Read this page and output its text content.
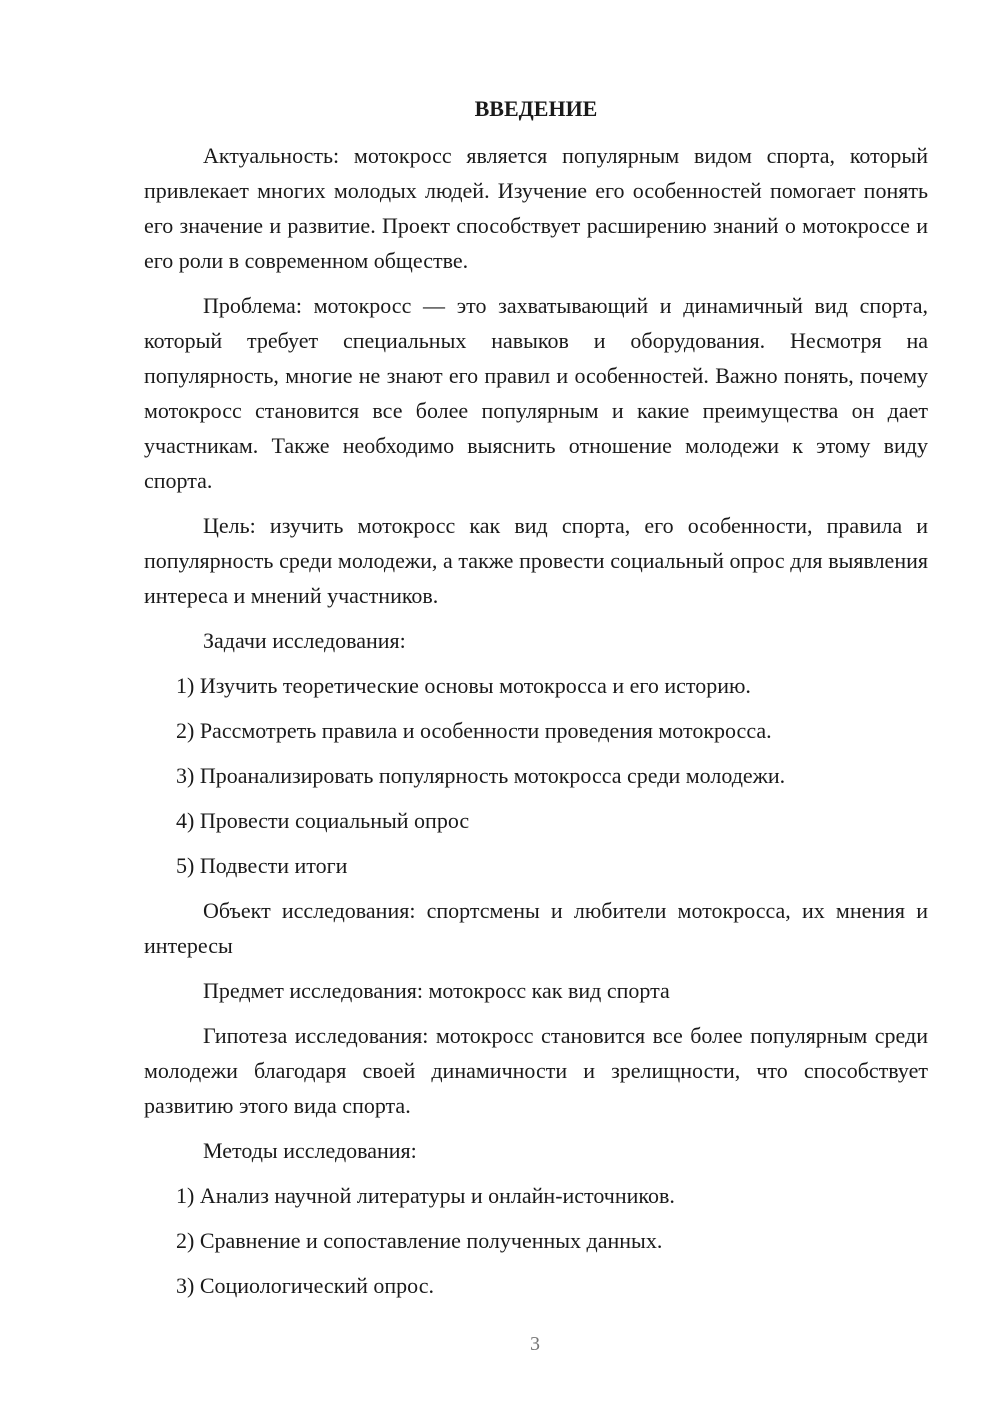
ВВЕДЕНИЕ

Актуальность: мотокросс является популярным видом спорта, который привлекает многих молодых людей. Изучение его особенностей помогает понять его значение и развитие. Проект способствует расширению знаний о мотокроссе и его роли в современном обществе.

Проблема: мотокросс — это захватывающий и динамичный вид спорта, который требует специальных навыков и оборудования. Несмотря на популярность, многие не знают его правил и особенностей. Важно понять, почему мотокросс становится все более популярным и какие преимущества он дает участникам. Также необходимо выяснить отношение молодежи к этому виду спорта.

Цель: изучить мотокросс как вид спорта, его особенности, правила и популярность среди молодежи, а также провести социальный опрос для выявления интереса и мнений участников.

Задачи исследования:
1) Изучить теоретические основы мотокросса и его историю.
2) Рассмотреть правила и особенности проведения мотокросса.
3) Проанализировать популярность мотокросса среди молодежи.
4) Провести социальный опрос
5) Подвести итоги

Объект исследования: спортсмены и любители мотокросса, их мнения и интересы

Предмет исследования: мотокросс как вид спорта

Гипотеза исследования: мотокросс становится все более популярным среди молодежи благодаря своей динамичности и зрелищности, что способствует развитию этого вида спорта.

Методы исследования:
1) Анализ научной литературы и онлайн-источников.
2) Сравнение и сопоставление полученных данных.
3) Социологический опрос.
3
